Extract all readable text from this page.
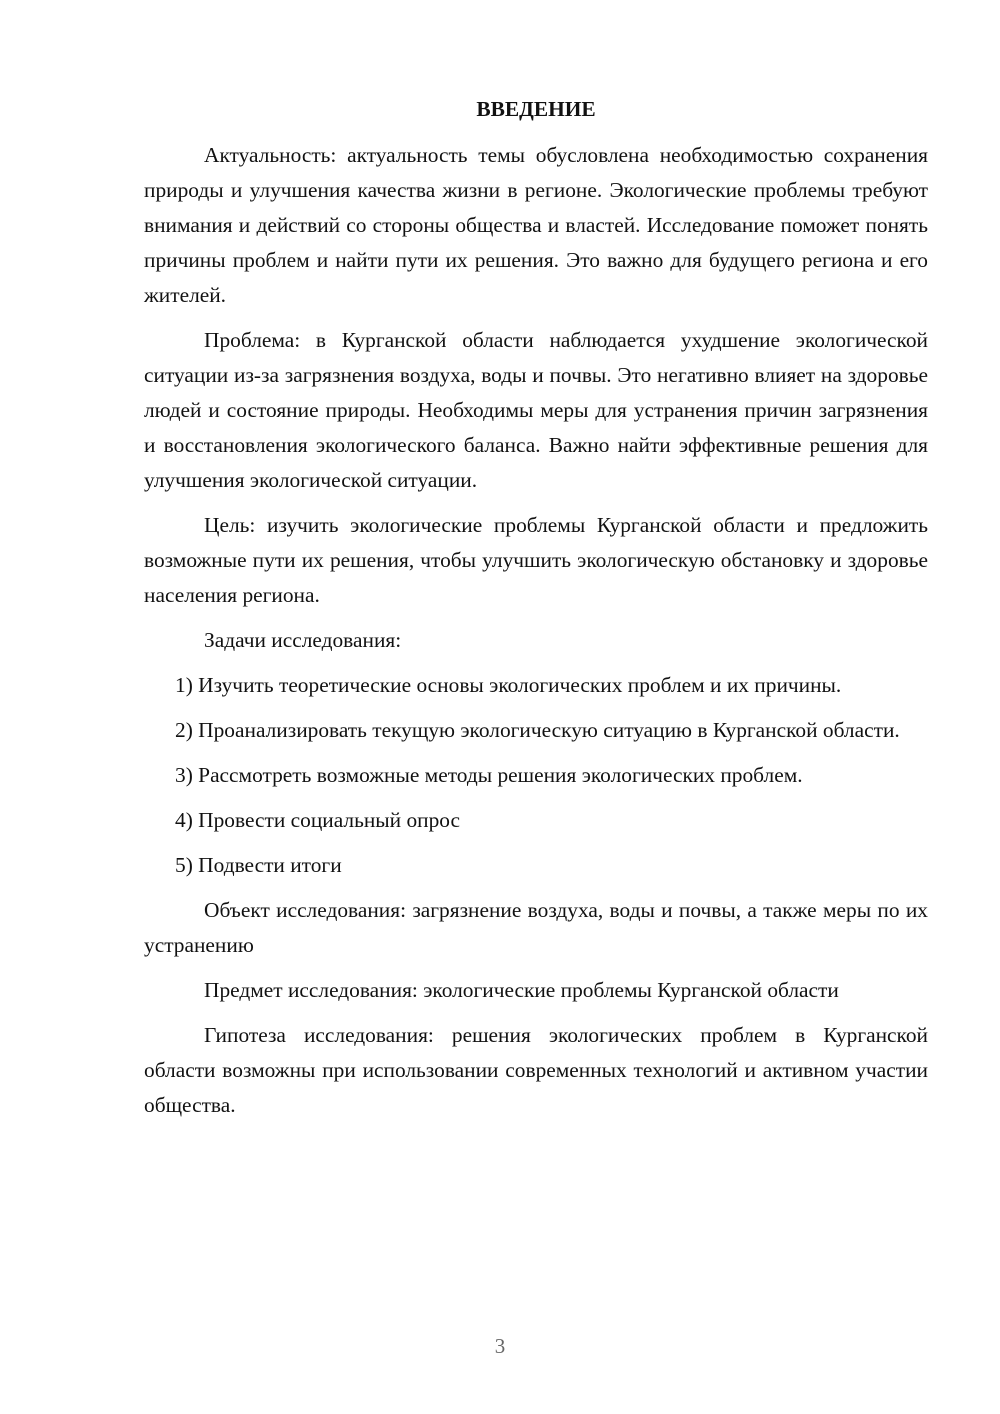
ВВЕДЕНИЕ

Актуальность: актуальность темы обусловлена необходимостью сохранения природы и улучшения качества жизни в регионе. Экологические проблемы требуют внимания и действий со стороны общества и властей. Исследование поможет понять причины проблем и найти пути их решения. Это важно для будущего региона и его жителей.

Проблема: в Курганской области наблюдается ухудшение экологической ситуации из-за загрязнения воздуха, воды и почвы. Это негативно влияет на здоровье людей и состояние природы. Необходимы меры для устранения причин загрязнения и восстановления экологического баланса. Важно найти эффективные решения для улучшения экологической ситуации.

Цель: изучить экологические проблемы Курганской области и предложить возможные пути их решения, чтобы улучшить экологическую обстановку и здоровье населения региона.

Задачи исследования:

1) Изучить теоретические основы экологических проблем и их причины.

2) Проанализировать текущую экологическую ситуацию в Курганской области.

3) Рассмотреть возможные методы решения экологических проблем.

4) Провести социальный опрос

5) Подвести итоги

Объект исследования: загрязнение воздуха, воды и почвы, а также меры по их устранению

Предмет исследования: экологические проблемы Курганской области

Гипотеза исследования: решения экологических проблем в Курганской области возможны при использовании современных технологий и активном участии общества.

3
